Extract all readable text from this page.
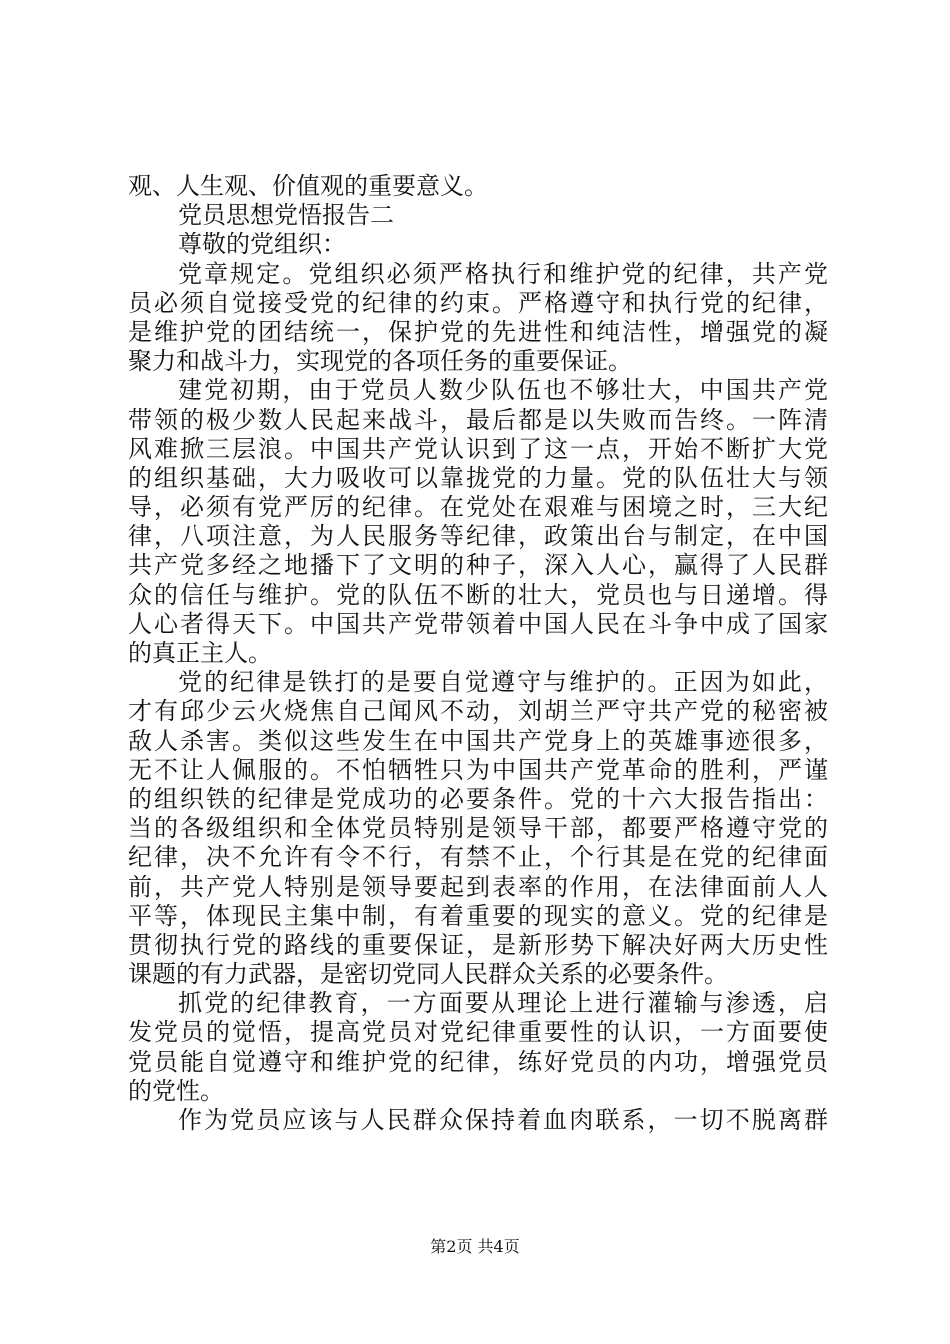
观、人生观、价值观的重要意义。
党员思想党悟报告二
尊敬的党组织：
党章规定。党组织必须严格执行和维护党的纪律，共产党
员必须自觉接受党的纪律的约束。严格遵守和执行党的纪律，
是维护党的团结统一，保护党的先进性和纯洁性，增强党的凝
聚力和战斗力，实现党的各项任务的重要保证。
建党初期，由于党员人数少队伍也不够壮大，中国共产党
带领的极少数人民起来战斗，最后都是以失败而告终。一阵清
风难掀三层浪。中国共产党认识到了这一点，开始不断扩大党
的组织基础，大力吸收可以靠拢党的力量。党的队伍壮大与领
导，必须有党严厉的纪律。在党处在艰难与困境之时，三大纪
律，八项注意，为人民服务等纪律，政策出台与制定，在中国
共产党多经之地播下了文明的种子，深入人心，赢得了人民群
众的信任与维护。党的队伍不断的壮大，党员也与日递增。得
人心者得天下。中国共产党带领着中国人民在斗争中成了国家
的真正主人。
党的纪律是铁打的是要自觉遵守与维护的。正因为如此，
才有邱少云火烧焦自己闻风不动，刘胡兰严守共产党的秘密被
敌人杀害。类似这些发生在中国共产党身上的英雄事迹很多，
无不让人佩服的。不怕牺牲只为中国共产党革命的胜利，严谨
的组织铁的纪律是党成功的必要条件。党的十六大报告指出：
当的各级组织和全体党员特别是领导干部，都要严格遵守党的
纪律，决不允许有令不行，有禁不止，个行其是在党的纪律面
前，共产党人特别是领导要起到表率的作用，在法律面前人人
平等，体现民主集中制，有着重要的现实的意义。党的纪律是
贯彻执行党的路线的重要保证，是新形势下解决好两大历史性
课题的有力武器，是密切党同人民群众关系的必要条件。
抓党的纪律教育，一方面要从理论上进行灌输与渗透，启
发党员的觉悟，提高党员对党纪律重要性的认识，一方面要使
党员能自觉遵守和维护党的纪律，练好党员的内功，增强党员
的党性。
作为党员应该与人民群众保持着血肉联系，一切不脱离群
第2页 共4页
